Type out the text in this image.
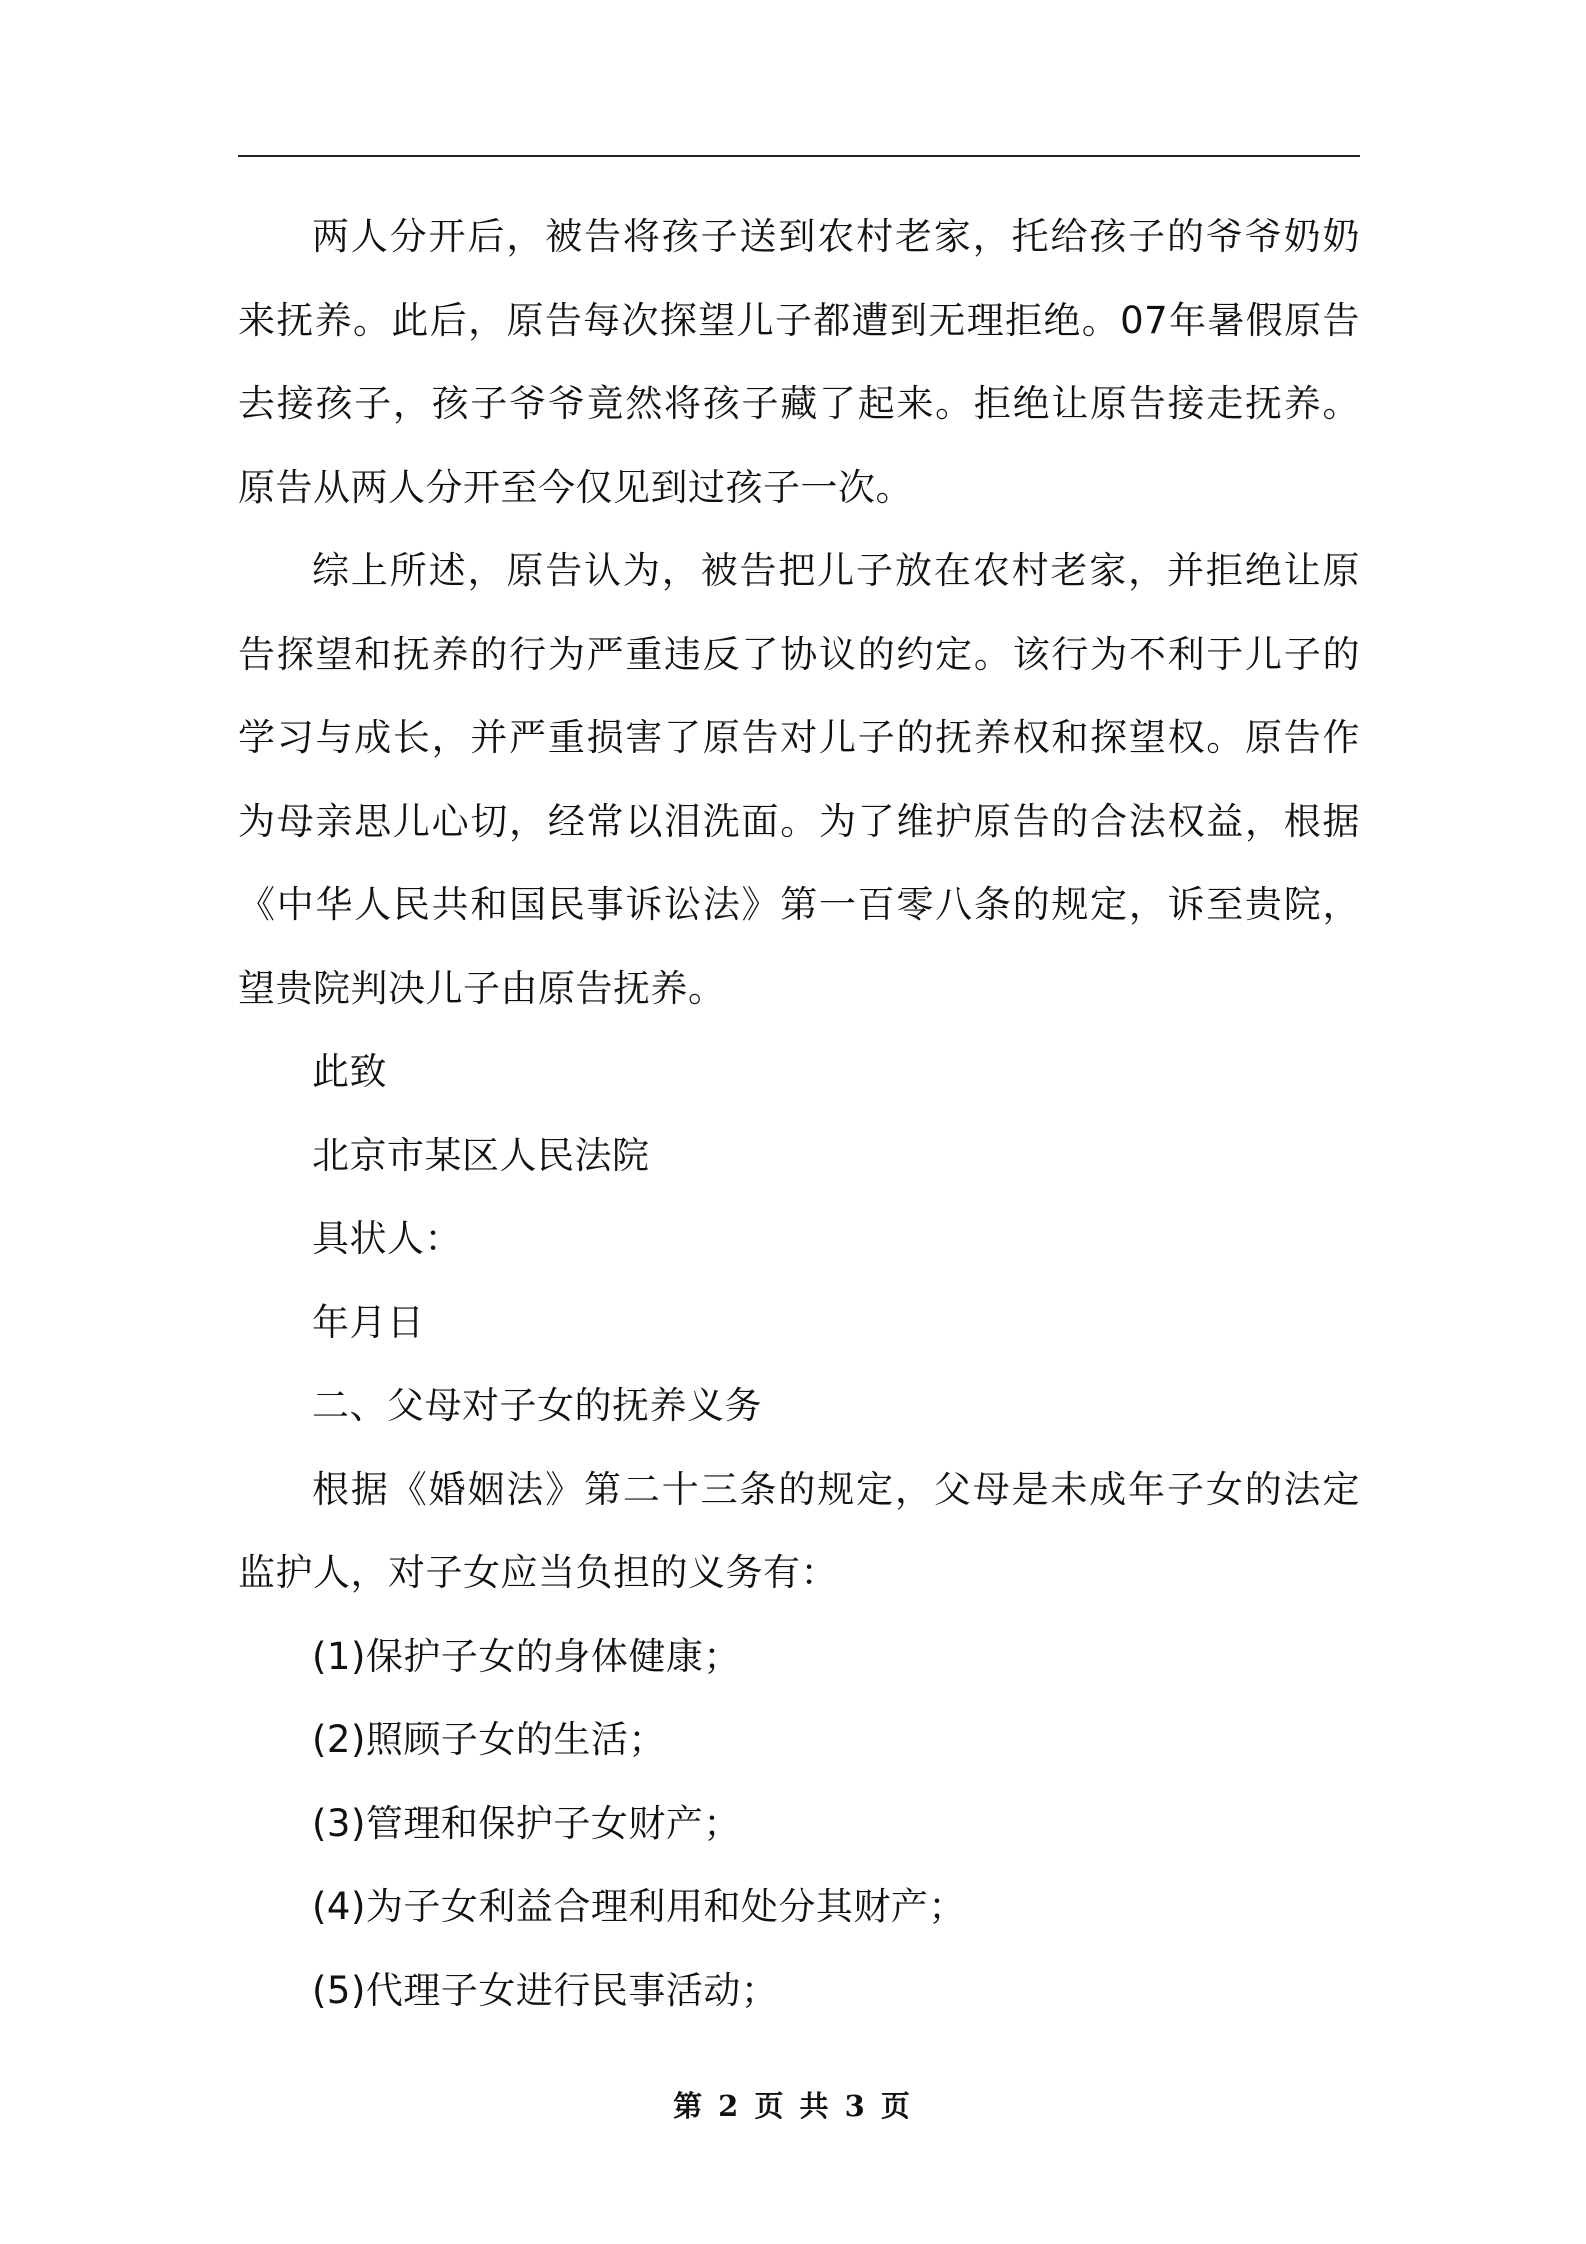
两人分开后，被告将孩子送到农村老家，托给孩子的爷爷奶奶来抚养。此后，原告每次探望儿子都遭到无理拒绝。07年暑假原告去接孩子，孩子爷爷竟然将孩子藏了起来。拒绝让原告接走抚养。原告从两人分开至今仅见到过孩子一次。

综上所述，原告认为，被告把儿子放在农村老家，并拒绝让原告探望和抚养的行为严重违反了协议的约定。该行为不利于儿子的学习与成长，并严重损害了原告对儿子的抚养权和探望权。原告作为母亲思儿心切，经常以泪洗面。为了维护原告的合法权益，根据《中华人民共和国民事诉讼法》第一百零八条的规定，诉至贵院，望贵院判决儿子由原告抚养。

此致

北京市某区人民法院

具状人：

年月日

二、父母对子女的抚养义务

根据《婚姻法》第二十三条的规定，父母是未成年子女的法定监护人，对子女应当负担的义务有：

(1)保护子女的身体健康；

(2)照顾子女的生活；

(3)管理和保护子女财产；

(4)为子女利益合理利用和处分其财产；

(5)代理子女进行民事活动；

第 2 页 共 3 页
